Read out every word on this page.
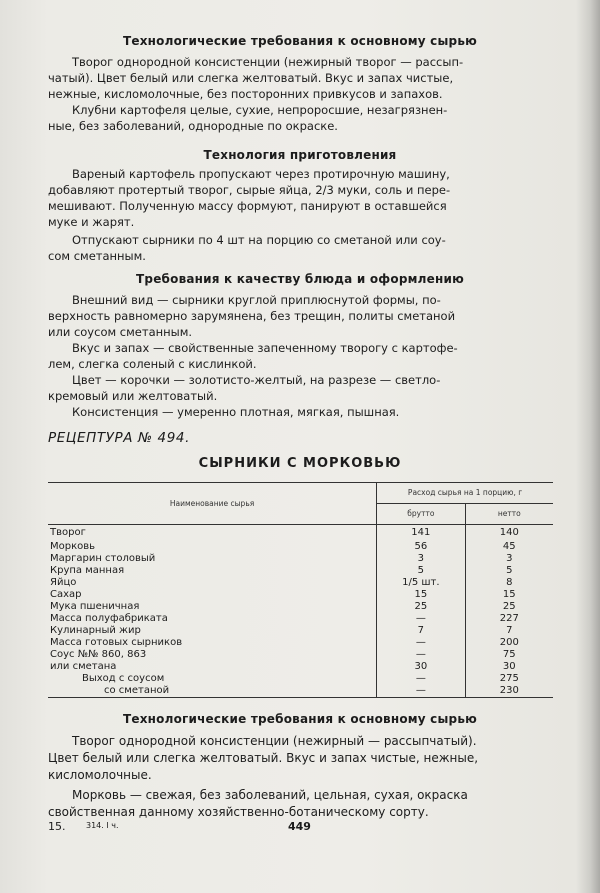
Технологические требования к основному сырью
Творог однородной консистенции (нежирный творог — рассып-
чатый). Цвет белый или слегка желтоватый. Вкус и запах чистые,
нежные, кисломолочные, без посторонних привкусов и запахов.
Клубни картофеля целые, сухие, непроросшие, незагрязнен-
ные, без заболеваний, однородные по окраске.
Технология приготовления
Вареный картофель пропускают через протирочную машину,
добавляют протертый творог, сырые яйца, 2/3 муки, соль и пере-
мешивают. Полученную массу формуют, панируют в оставшейся
муке и жарят.
Отпускают сырники по 4 шт на порцию со сметаной или соу-
сом сметанным.
Требования к качеству блюда и оформлению
Внешний вид — сырники круглой приплюснутой формы, по-
верхность равномерно зарумянена, без трещин, политы сметаной
или соусом сметанным.
Вкус и запах — свойственные запеченному творогу с картофе-
лем, слегка соленый с кислинкой.
Цвет — корочки — золотисто-желтый, на разрезе — светло-
кремовый или желтоватый.
Консистенция — умеренно плотная, мягкая, пышная.
РЕЦЕПТУРА № 494.
СЫРНИКИ С МОРКОВЬЮ
Наименование сырья	Расход сырья на 1 порцию, г	
	брутто	нетто
Творог	141	140
Морковь	56	45
Маргарин столовый	3	3
Крупа манная	5	5
Яйцо	1/5 шт.	8
Сахар	15	15
Мука пшеничная	25	25
Масса полуфабриката	—	227
Кулинарный жир	7	7
Масса готовых сырников	—	200
Соус №№ 860, 863	—	75
или сметана	30	30
Выход с соусом	—	275
со сметаной	—	230
Технологические требования к основному сырью
Творог однородной консистенции (нежирный — рассыпчатый).
Цвет белый или слегка желтоватый. Вкус и запах чистые, нежные,
кисломолочные.
Морковь — свежая, без заболеваний, цельная, сухая, окраска
свойственная данному хозяйственно-ботаническому сорту.
15.	314. I ч.	449
